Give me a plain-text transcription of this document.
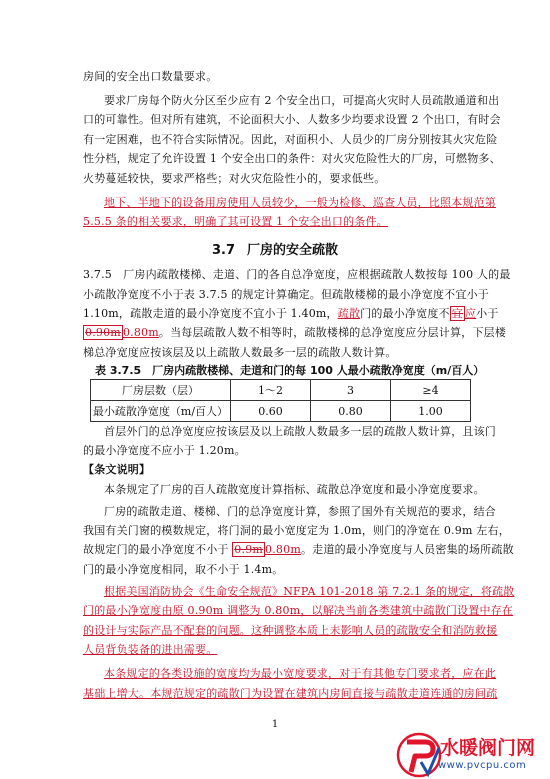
房间的安全出口数量要求。
要求厂房每个防火分区至少应有 2 个安全出口，可提高火灾时人员疏散通道和出
口的可靠性。但对所有建筑，不论面积大小、人数多少均要求设置 2 个出口，有时会
有一定困难，也不符合实际情况。因此，对面积小、人员少的厂房分别按其火灾危险
性分档，规定了允许设置 1 个安全出口的条件：对火灾危险性大的厂房，可燃物多、
火势蔓延较快，要求严格些；对火灾危险性小的，要求低些。
地下、半地下的设备用房使用人员较少，一般为检修、巡查人员，比照本规范第
5.5.5 条的相关要求，明确了其可设置 1 个安全出口的条件。
3.7 厂房的安全疏散
3.7.5　厂房内疏散楼梯、走道、门的各自总净宽度，应根据疏散人数按每 100 人的最
小疏散净宽度不小于表 3.7.5 的规定计算确定。但疏散楼梯的最小净宽度不宜小于
1.10m，疏散走道的最小净宽度不宜小于 1.40m，疏散门的最小净宽度不 宜 应小于
0.90m 0.80m。当每层疏散人数不相等时，疏散楼梯的总净宽度应分层计算，下层楼
梯总净宽度应按该层及以上疏散人数最多一层的疏散人数计算。
表 3.7.5　厂房内疏散楼梯、走道和门的每 100 人最小疏散净宽度（m/百人）
厂房层数（层）	1～2	3	≥4
最小疏散净宽度（m/百人）	0.60	0.80	1.00
首层外门的总净宽度应按该层及以上疏散人数最多一层的疏散人数计算，且该门
的最小净宽度不应小于 1.20m。
【条文说明】
本条规定了厂房的百人疏散宽度计算指标、疏散总净宽度和最小净宽度要求。
厂房的疏散走道、楼梯、门的总净宽度计算，参照了国外有关规范的要求，结合
我国有关门窗的模数规定，将门洞的最小宽度定为 1.0m，则门的净宽在 0.9m 左右，
故规定门的最小净宽度不小于 0.9m 0.80m。走道的最小净宽度与人员密集的场所疏散
门的最小净宽度相同，取不小于 1.4m。
根据美国消防协会《生命安全规范》NFPA 101-2018 第 7.2.1 条的规定，将疏散
门的最小净宽度由原 0.90m 调整为 0.80m，以解决当前各类建筑中疏散门设置中存在
的设计与实际产品不配套的问题。这种调整本质上未影响人员的疏散安全和消防救援
人员背负装备的进出需要。
本条规定的各类设施的宽度均为最小宽度要求，对于有其他专门要求者，应在此
基础上增大。本规范规定的疏散门为设置在建筑内房间直接与疏散走道连通的房间疏
1
水暖阀门网
www.pvcpu.com
